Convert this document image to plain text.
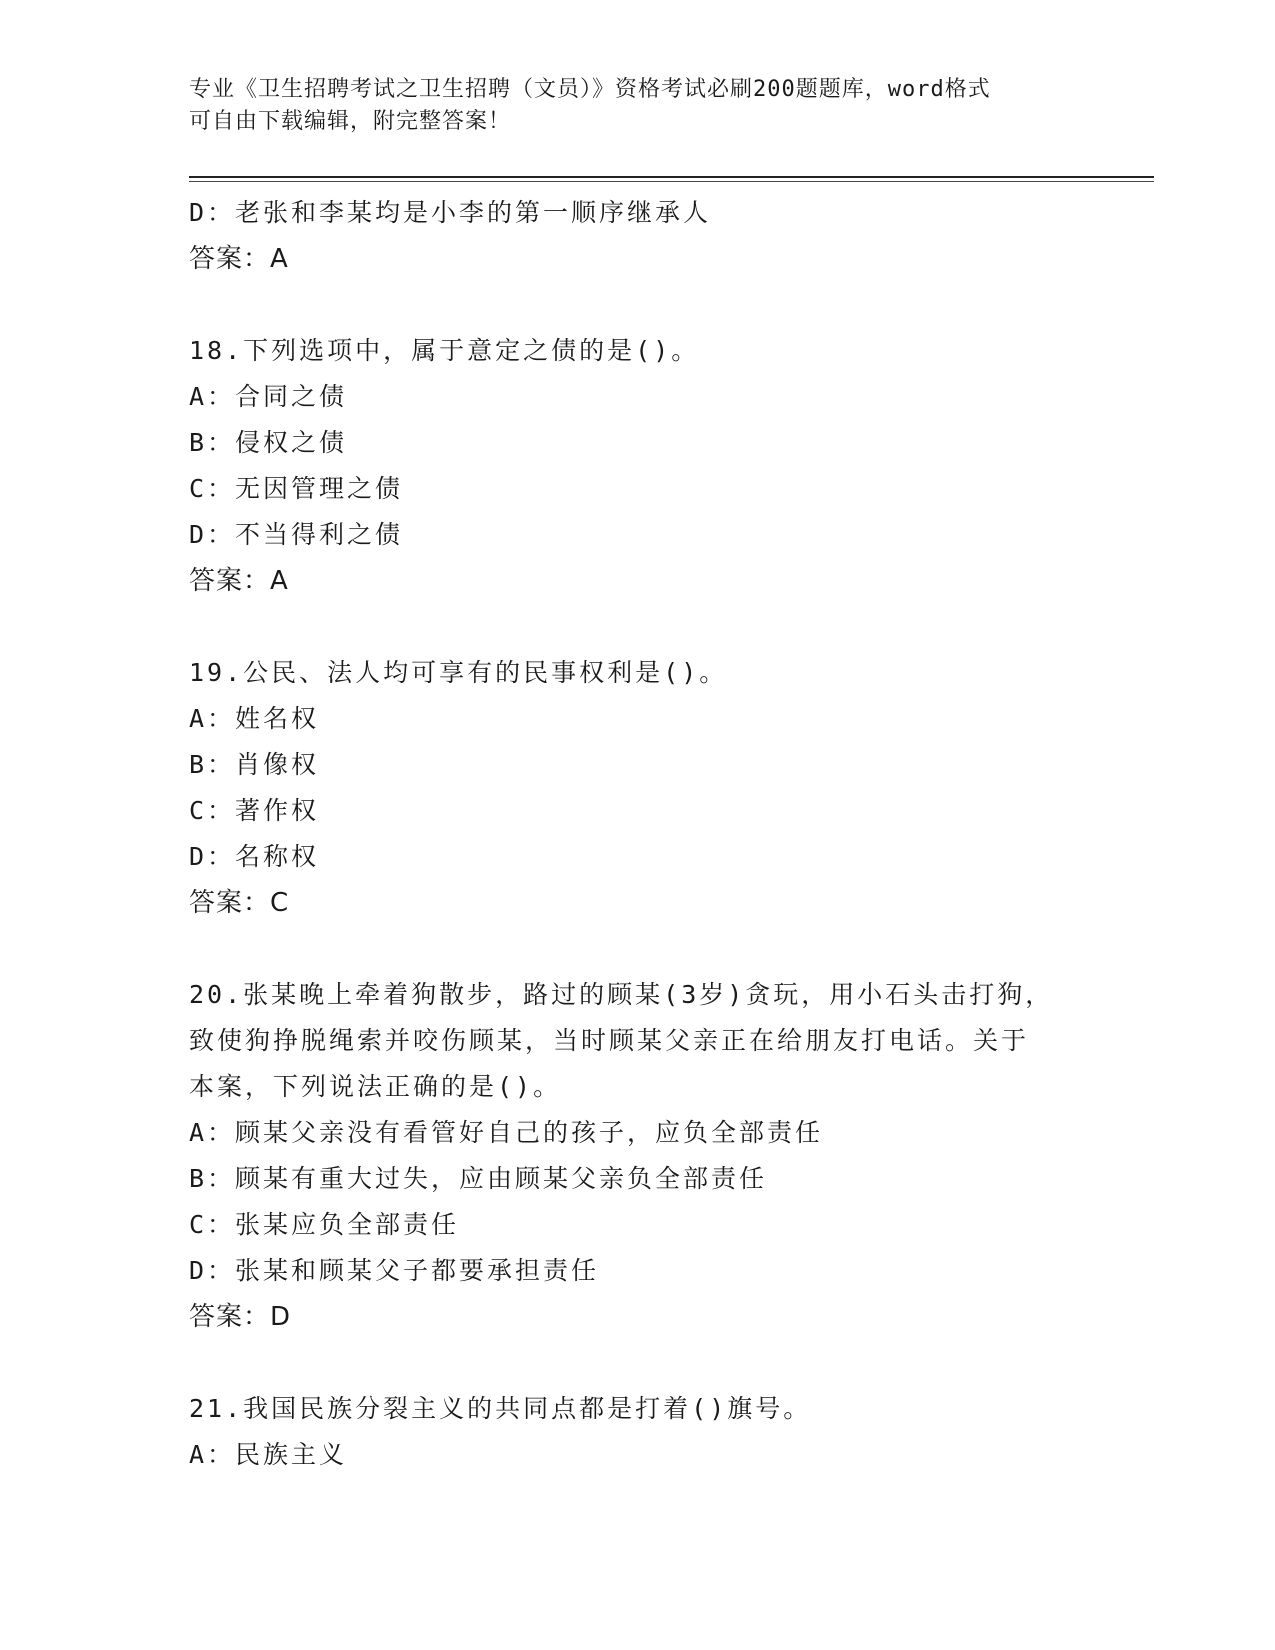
专业《卫生招聘考试之卫生招聘（文员）》资格考试必刷200题题库，word格式
可自由下载编辑，附完整答案！
D：老张和李某均是小李的第一顺序继承人
答案：A
18.下列选项中，属于意定之债的是()。
A：合同之债
B：侵权之债
C：无因管理之债
D：不当得利之债
答案：A
19.公民、法人均可享有的民事权利是()。
A：姓名权
B：肖像权
C：著作权
D：名称权
答案：C
20.张某晚上牵着狗散步，路过的顾某(3岁)贪玩，用小石头击打狗，
致使狗挣脱绳索并咬伤顾某，当时顾某父亲正在给朋友打电话。关于
本案，下列说法正确的是()。
A：顾某父亲没有看管好自己的孩子，应负全部责任
B：顾某有重大过失，应由顾某父亲负全部责任
C：张某应负全部责任
D：张某和顾某父子都要承担责任
答案：D
21.我国民族分裂主义的共同点都是打着()旗号。
A：民族主义
